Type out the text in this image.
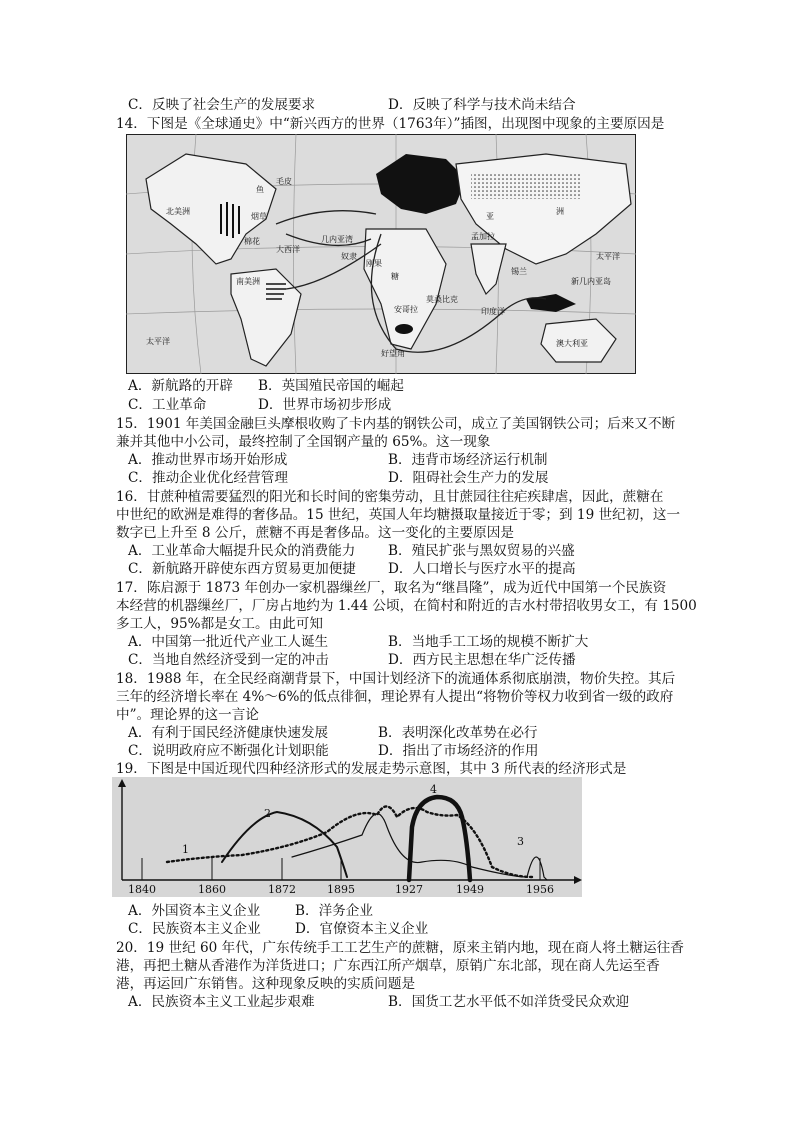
C．反映了社会生产的发展要求	D．反映了科学与技术尚未结合
14．下图是《全球通史》中“新兴西方的世界（1763年）”插图，出现图中现象的主要原因是
北美洲
南美洲
大西洋
太平洋
太平洋
印度洋
亚
洲
澳大利亚
鱼
毛皮
棉花
烟草
奴隶
糖
刚果
莫桑比克
孟加拉
锡兰
新几内亚岛
几内亚湾
好望角
安哥拉
A．新航路的开辟 B．英国殖民帝国的崛起
C．工业革命	D．世界市场初步形成
15．1901 年美国金融巨头摩根收购了卡内基的钢铁公司，成立了美国钢铁公司；后来又不断
兼并其他中小公司，最终控制了全国钢产量的 65%。这一现象
A．推动世界市场开始形成	B．违背市场经济运行机制
C．推动企业优化经营管理	D．阻碍社会生产力的发展
16．甘蔗种植需要猛烈的阳光和长时间的密集劳动，且甘蔗园往往疟疾肆虐，因此，蔗糖在
中世纪的欧洲是难得的奢侈品。15 世纪，英国人年均糖摄取量接近于零；到 19 世纪初，这一
数字已上升至 8 公斤，蔗糖不再是奢侈品。这一变化的主要原因是
A．工业革命大幅提升民众的消费能力 B．殖民扩张与黑奴贸易的兴盛
C．新航路开辟使东西方贸易更加便捷 D．人口增长与医疗水平的提高
17．陈启源于 1873 年创办一家机器缫丝厂，取名为“继昌隆”，成为近代中国第一个民族资
本经营的机器缫丝厂，厂房占地约为 1.44 公顷，在简村和附近的吉水村带招收男女工，有 1500
多工人，95%都是女工。由此可知
A．中国第一批近代产业工人诞生	B．当地手工工场的规模不断扩大
C．当地自然经济受到一定的冲击	D．西方民主思想在华广泛传播
18．1988 年，在全民经商潮背景下，中国计划经济下的流通体系彻底崩溃，物价失控。其后
三年的经济增长率在 4%～6%的低点徘徊，理论界有人提出“将物价等权力收到省一级的政府
中”。理论界的这一言论
A．有利于国民经济健康快速发展	B．表明深化改革势在必行
C．说明政府应不断强化计划职能	D．指出了市场经济的作用
19．下图是中国近现代四种经济形式的发展走势示意图，其中 3 所代表的经济形式是
1840	1860	1872	1895	1927	1949	1956
1
2
3
4
A．外国资本主义企业	B．洋务企业
C．民族资本主义企业	D．官僚资本主义企业
20．19 世纪 60 年代，广东传统手工工艺生产的蔗糖，原来主销内地，现在商人将土糖运往香
港，再把土糖从香港作为洋货进口；广东西江所产烟草，原销广东北部，现在商人先运至香
港，再运回广东销售。这种现象反映的实质问题是
A．民族资本主义工业起步艰难	B．国货工艺水平低不如洋货受民众欢迎
